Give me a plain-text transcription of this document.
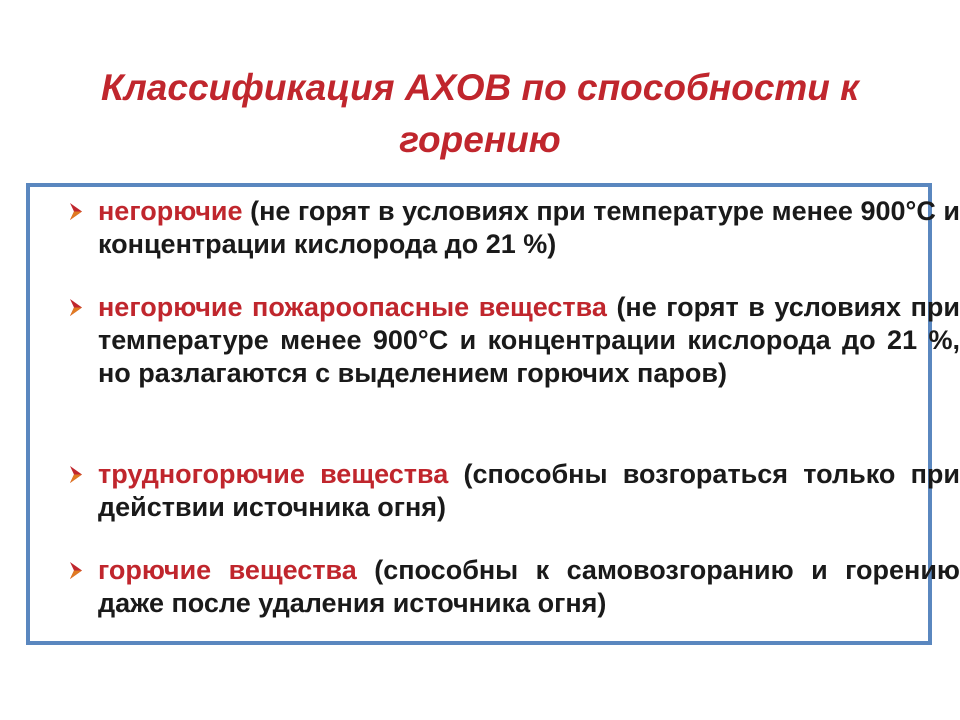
Классификация АХОВ по способности к горению
негорючие (не горят в условиях при температуре менее 900°С и концентрации кислорода до 21 %)
негорючие пожароопасные вещества (не горят в условиях при температуре менее 900°С и концентрации кислорода до 21 %, но разлагаются с выделением горючих паров)
трудногорючие вещества (способны возгораться только при действии источника огня)
горючие вещества (способны к самовозгоранию и горению даже после удаления источника огня)
